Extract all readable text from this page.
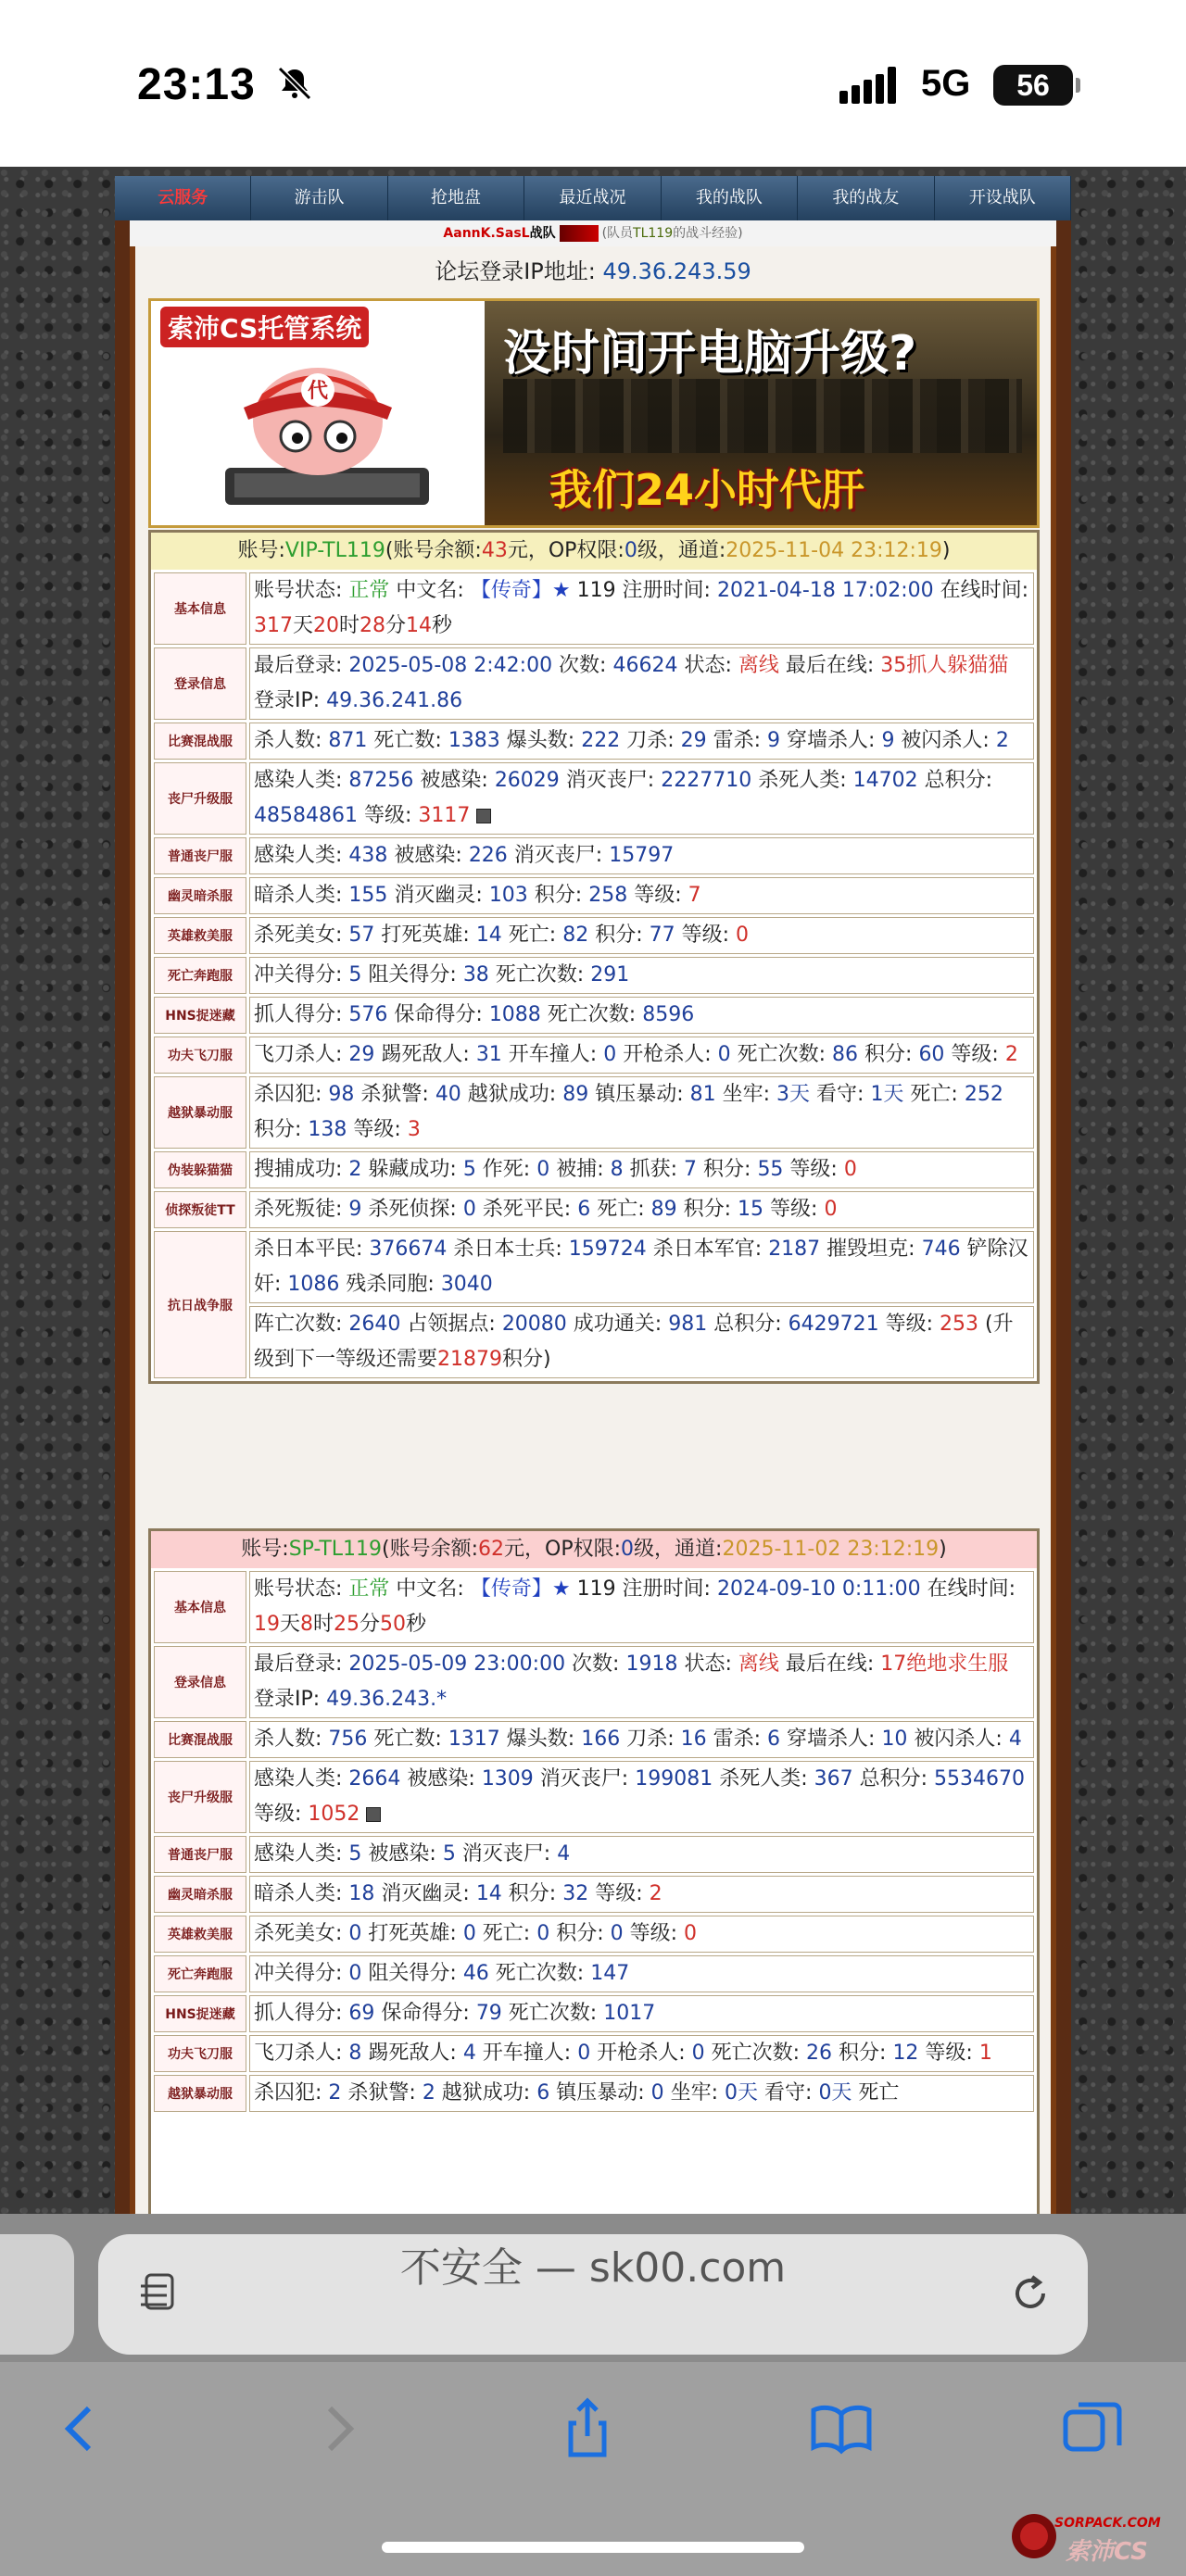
23:13	5G	56
云服务	游击队	抢地盘	最近战况	我的战队	我的战友	开设战队
AannK.SasL战队	(队员TL119的战斗经验)
论坛登录IP地址: 49.36.243.59
索沛CS托管系统
代
没时间开电脑升级?
我们24小时代肝
账号:VIP-TL119(账号余额:43元，OP权限:0级，通道:2025-11-04 23:12:19)
基本信息	账号状态: 正常 中文名: 【传奇】★ 119 注册时间: 2021-04-18 17:02:00 在线时间: 317天20时28分14秒
登录信息	最后登录: 2025-05-08 2:42:00 次数: 46624 状态: 离线 最后在线: 35抓人躲猫猫 登录IP: 49.36.241.86
比赛混战服	杀人数: 871 死亡数: 1383 爆头数: 222 刀杀: 29 雷杀: 9 穿墙杀人: 9 被闪杀人: 2
丧尸升级服	感染人类: 87256 被感染: 26029 消灭丧尸: 2227710 杀死人类: 14702 总积分: 48584861 等级: 3117
普通丧尸服	感染人类: 438 被感染: 226 消灭丧尸: 15797
幽灵暗杀服	暗杀人类: 155 消灭幽灵: 103 积分: 258 等级: 7
英雄救美服	杀死美女: 57 打死英雄: 14 死亡: 82 积分: 77 等级: 0
死亡奔跑服	冲关得分: 5 阻关得分: 38 死亡次数: 291
HNS捉迷藏	抓人得分: 576 保命得分: 1088 死亡次数: 8596
功夫飞刀服	飞刀杀人: 29 踢死敌人: 31 开车撞人: 0 开枪杀人: 0 死亡次数: 86 积分: 60 等级: 2
越狱暴动服	杀囚犯: 98 杀狱警: 40 越狱成功: 89 镇压暴动: 81 坐牢: 3天 看守: 1天 死亡: 252 积分: 138 等级: 3
伪装躲猫猫	搜捕成功: 2 躲藏成功: 5 作死: 0 被捕: 8 抓获: 7 积分: 55 等级: 0
侦探叛徒TT	杀死叛徒: 9 杀死侦探: 0 杀死平民: 6 死亡: 89 积分: 15 等级: 0
抗日战争服	杀日本平民: 376674 杀日本士兵: 159724 杀日本军官: 2187 摧毁坦克: 746 铲除汉奸: 1086 残杀同胞: 3040
	阵亡次数: 2640 占领据点: 20080 成功通关: 981 总积分: 6429721 等级: 253 (升级到下一等级还需要21879积分)
账号:SP-TL119(账号余额:62元，OP权限:0级，通道:2025-11-02 23:12:19)
基本信息	账号状态: 正常 中文名: 【传奇】★ 119 注册时间: 2024-09-10 0:11:00 在线时间: 19天8时25分50秒
登录信息	最后登录: 2025-05-09 23:00:00 次数: 1918 状态: 离线 最后在线: 17绝地求生服 登录IP: 49.36.243.*
比赛混战服	杀人数: 756 死亡数: 1317 爆头数: 166 刀杀: 16 雷杀: 6 穿墙杀人: 10 被闪杀人: 4
丧尸升级服	感染人类: 2664 被感染: 1309 消灭丧尸: 199081 杀死人类: 367 总积分: 5534670 等级: 1052
普通丧尸服	感染人类: 5 被感染: 5 消灭丧尸: 4
幽灵暗杀服	暗杀人类: 18 消灭幽灵: 14 积分: 32 等级: 2
英雄救美服	杀死美女: 0 打死英雄: 0 死亡: 0 积分: 0 等级: 0
死亡奔跑服	冲关得分: 0 阻关得分: 46 死亡次数: 147
HNS捉迷藏	抓人得分: 69 保命得分: 79 死亡次数: 1017
功夫飞刀服	飞刀杀人: 8 踢死敌人: 4 开车撞人: 0 开枪杀人: 0 死亡次数: 26 积分: 12 等级: 1
越狱暴动服	杀囚犯: 2 杀狱警: 2 越狱成功: 6 镇压暴动: 0 坐牢: 0天 看守: 0天 死亡
不安全 — sk00.com
SORPACK.COM
索沛CS
